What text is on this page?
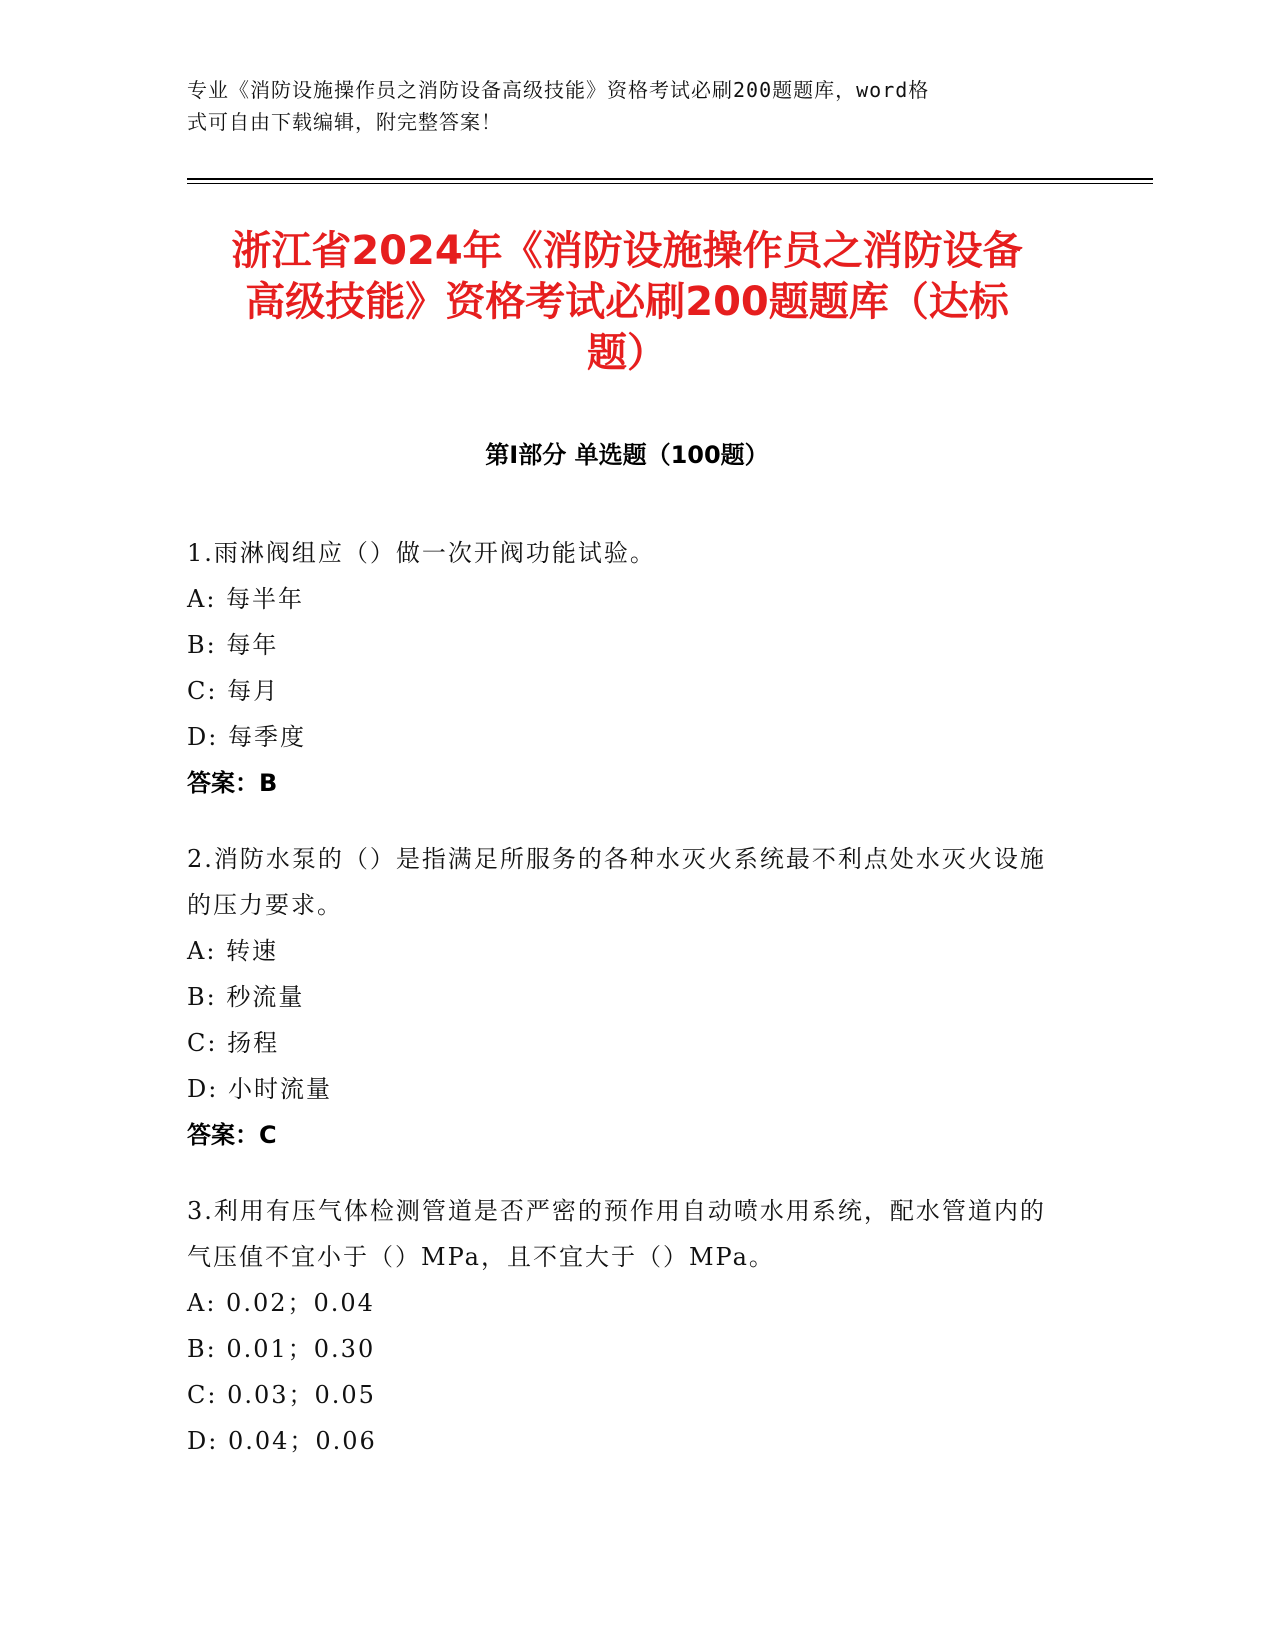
专业《消防设施操作员之消防设备高级技能》资格考试必刷200题题库，word格
式可自由下载编辑，附完整答案！
浙江省2024年《消防设施操作员之消防设备
高级技能》资格考试必刷200题题库（达标
题）
第Ⅰ部分 单选题（100题）
1.雨淋阀组应（）做一次开阀功能试验。
A: 每半年
B: 每年
C: 每月
D: 每季度
答案：B
2.消防水泵的（）是指满足所服务的各种水灭火系统最不利点处水灭火设施的压力要求。
A: 转速
B: 秒流量
C: 扬程
D: 小时流量
答案：C
3.利用有压气体检测管道是否严密的预作用自动喷水用系统，配水管道内的气压值不宜小于（）MPa，且不宜大于（）MPa。
A: 0.02；0.04
B: 0.01；0.30
C: 0.03；0.05
D: 0.04；0.06
